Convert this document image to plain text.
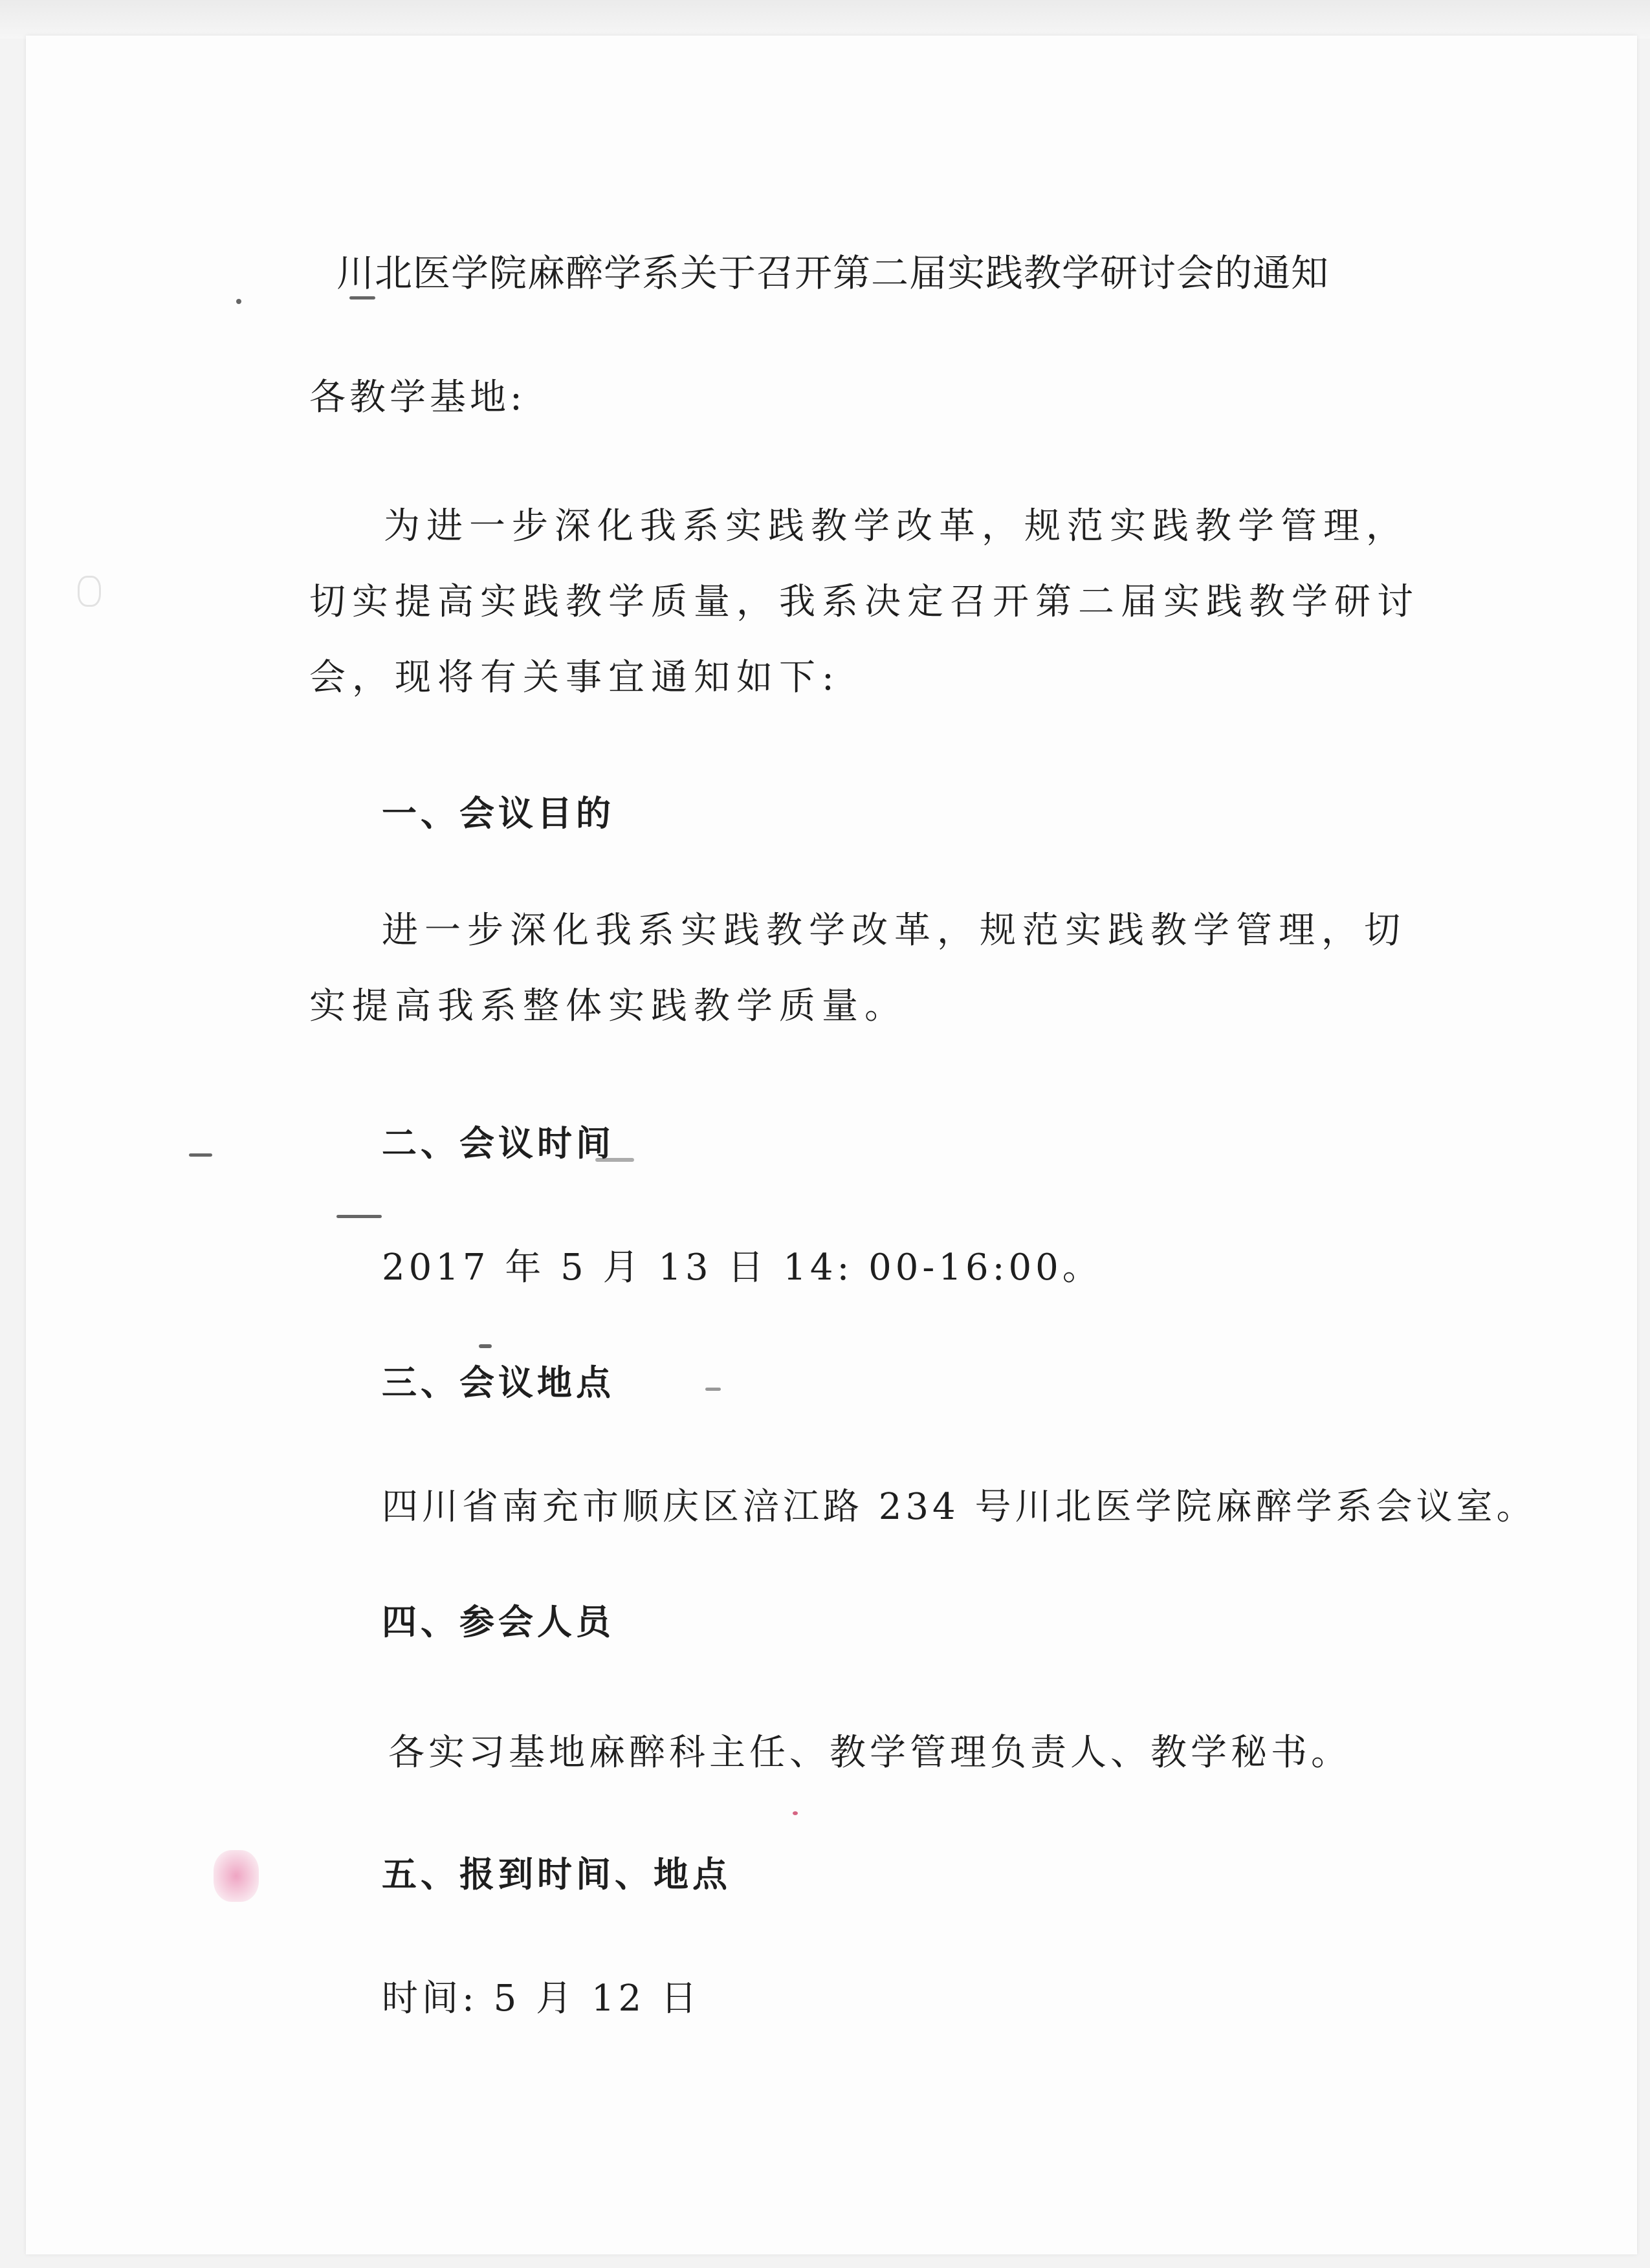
川北医学院麻醉学系关于召开第二届实践教学研讨会的通知
各教学基地:
为进一步深化我系实践教学改革，规范实践教学管理，切实提高实践教学质量，我系决定召开第二届实践教学研讨会，现将有关事宜通知如下:
一、会议目的
进一步深化我系实践教学改革，规范实践教学管理，切实提高我系整体实践教学质量。
二、会议时间
2017 年 5 月 13 日 14: 00-16:00。
三、会议地点
四川省南充市顺庆区涪江路 234 号川北医学院麻醉学系会议室。
四、参会人员
各实习基地麻醉科主任、教学管理负责人、教学秘书。
五、报到时间、地点
时间: 5 月 12 日
